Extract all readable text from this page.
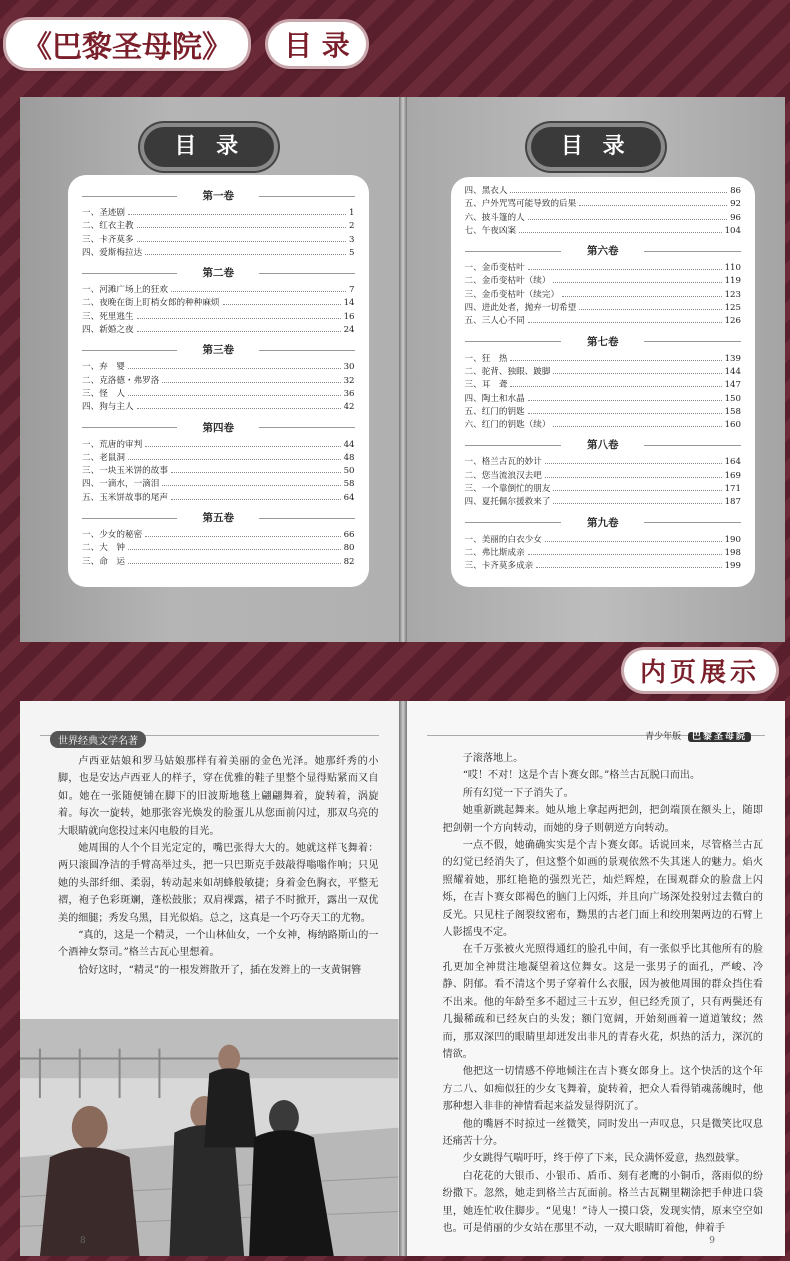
《巴黎圣母院》	目 录
目 录
第一卷
一、圣迹剧	1
二、红衣主教	2
三、卡齐莫多	3
四、爱斯梅拉达	5
第二卷
一、河滩广场上的狂欢	7
二、夜晚在街上盯梢女郎的种种麻烦	14
三、死里逃生	16
四、新婚之夜	24
第三卷
一、弃　婴	30
二、克洛德・弗罗洛	32
三、怪　人	36
四、狗与主人	42
第四卷
一、荒唐的审判	44
二、老鼠洞	48
三、一块玉米饼的故事	50
四、一滴水，一滴泪	58
五、玉米饼故事的尾声	64
第五卷
一、少女的秘密	66
二、大　钟	80
三、命　运	82
目 录
四、黑衣人	86
五、户外咒骂可能导致的后果	92
六、披斗篷的人	96
七、午夜凶案	104
第六卷
一、金币变枯叶	110
二、金币变枯叶（续）	119
三、金币变枯叶（续完）	123
四、进此处者，抛弃一切希望	125
五、三人心不同	126
第七卷
一、狂　热	139
二、驼背、独眼、跛脚	144
三、耳　聋	147
四、陶土和水晶	150
五、红门的钥匙	158
六、红门的钥匙（续）	160
第八卷
一、格兰古瓦的妙计	164
二、您当流浪汉去吧	169
三、一个靠倒忙的朋友	171
四、夏托佩尔援救来了	187
第九卷
一、美丽的白衣少女	190
二、弗比斯成亲	198
三、卡齐莫多成亲	199
内页展示
世界经典文学名著

卢西亚姑娘和罗马姑娘那样有着美丽的金色光泽。她那纤秀的小脚，也是安达卢西亚人的样子，穿在优雅的鞋子里整个显得贴紧而又自如。她在一张随便铺在脚下的旧波斯地毯上翩翩舞着，旋转着，涡旋着。每次一旋转，她那张容光焕发的脸蛋儿从您面前闪过，那双乌亮的大眼睛就向您投过来闪电般的目光。

她周围的人个个目光定定的，嘴巴张得大大的。她就这样飞舞着：两只滚圆净洁的手臂高举过头，把一只巴斯克手鼓敲得嗡嗡作响；只见她的头部纤细、柔弱，转动起来如胡蜂般敏捷；身着金色胸衣，平整无褶，袍子色彩斑斓，蓬松鼓胀；双肩裸露，裙子不时掀开，露出一双优美的细腿；秀发乌黑，目光似焰。总之，这真是一个巧夺天工的尤物。

“真的，这是一个精灵，一个山林仙女，一个女神，梅纳路斯山的一个酒神女祭司。”格兰古瓦心里想着。

恰好这时，“精灵”的一根发辫散开了，插在发辫上的一支黄铜簪

8
青少年版 巴黎圣母院

子滚落地上。

“哎！不对！这是个吉卜赛女郎。”格兰古瓦脱口而出。

所有幻觉一下子消失了。

她重新跳起舞来。她从地上拿起两把剑，把剑端顶在额头上，随即把剑朝一个方向转动，而她的身子则朝逆方向转动。

一点不假，她确确实实是个吉卜赛女郎。话说回来，尽管格兰古瓦的幻觉已经消失了，但这整个如画的景观依然不失其迷人的魅力。焰火照耀着她，那红艳艳的强烈光芒，灿烂辉煌，在围观群众的脸盘上闪烁，在吉卜赛女郎褐色的脑门上闪烁，并且向广场深处投射过去微白的反光。只见柱子阁裂纹密布，黝黑的古老门面上和绞刑架两边的石臂上人影摇曳不定。

在千万张被火光照得通红的脸孔中间，有一张似乎比其他所有的脸孔更加全神贯注地凝望着这位舞女。这是一张男子的面孔，严峻、冷静、阴郁。看不清这个男子穿着什么衣服，因为被他周围的群众挡住看不出来。他的年龄至多不超过三十五岁，但已经秃顶了，只有两鬓还有几撮稀疏和已经灰白的头发；额门宽阔，开始刻画着一道道皱纹；然而，那双深凹的眼睛里却迸发出非凡的青春火花，炽热的活力，深沉的情欲。

他把这一切情感不停地倾注在吉卜赛女郎身上。这个快活的这个年方二八、如痴似狂的少女飞舞着，旋转着，把众人看得销魂荡魄时，他那种想入非非的神情看起来益发显得阴沉了。

他的嘴唇不时掠过一丝微笑，同时发出一声叹息，只是微笑比叹息还痛苦十分。

少女跳得气喘吁吁，终于停了下来，民众满怀爱意，热烈鼓掌。

白花花的大银币、小银币、盾币、刻有老鹰的小铜币，落雨似的纷纷撒下。忽然，她走到格兰古瓦面前。格兰古瓦糊里糊涂把手伸进口袋里，她连忙收住脚步。“见鬼！”诗人一摸口袋，发现实情，原来空空如也。可是俏丽的少女站在那里不动，一双大眼睛盯着他，伸着手

9
